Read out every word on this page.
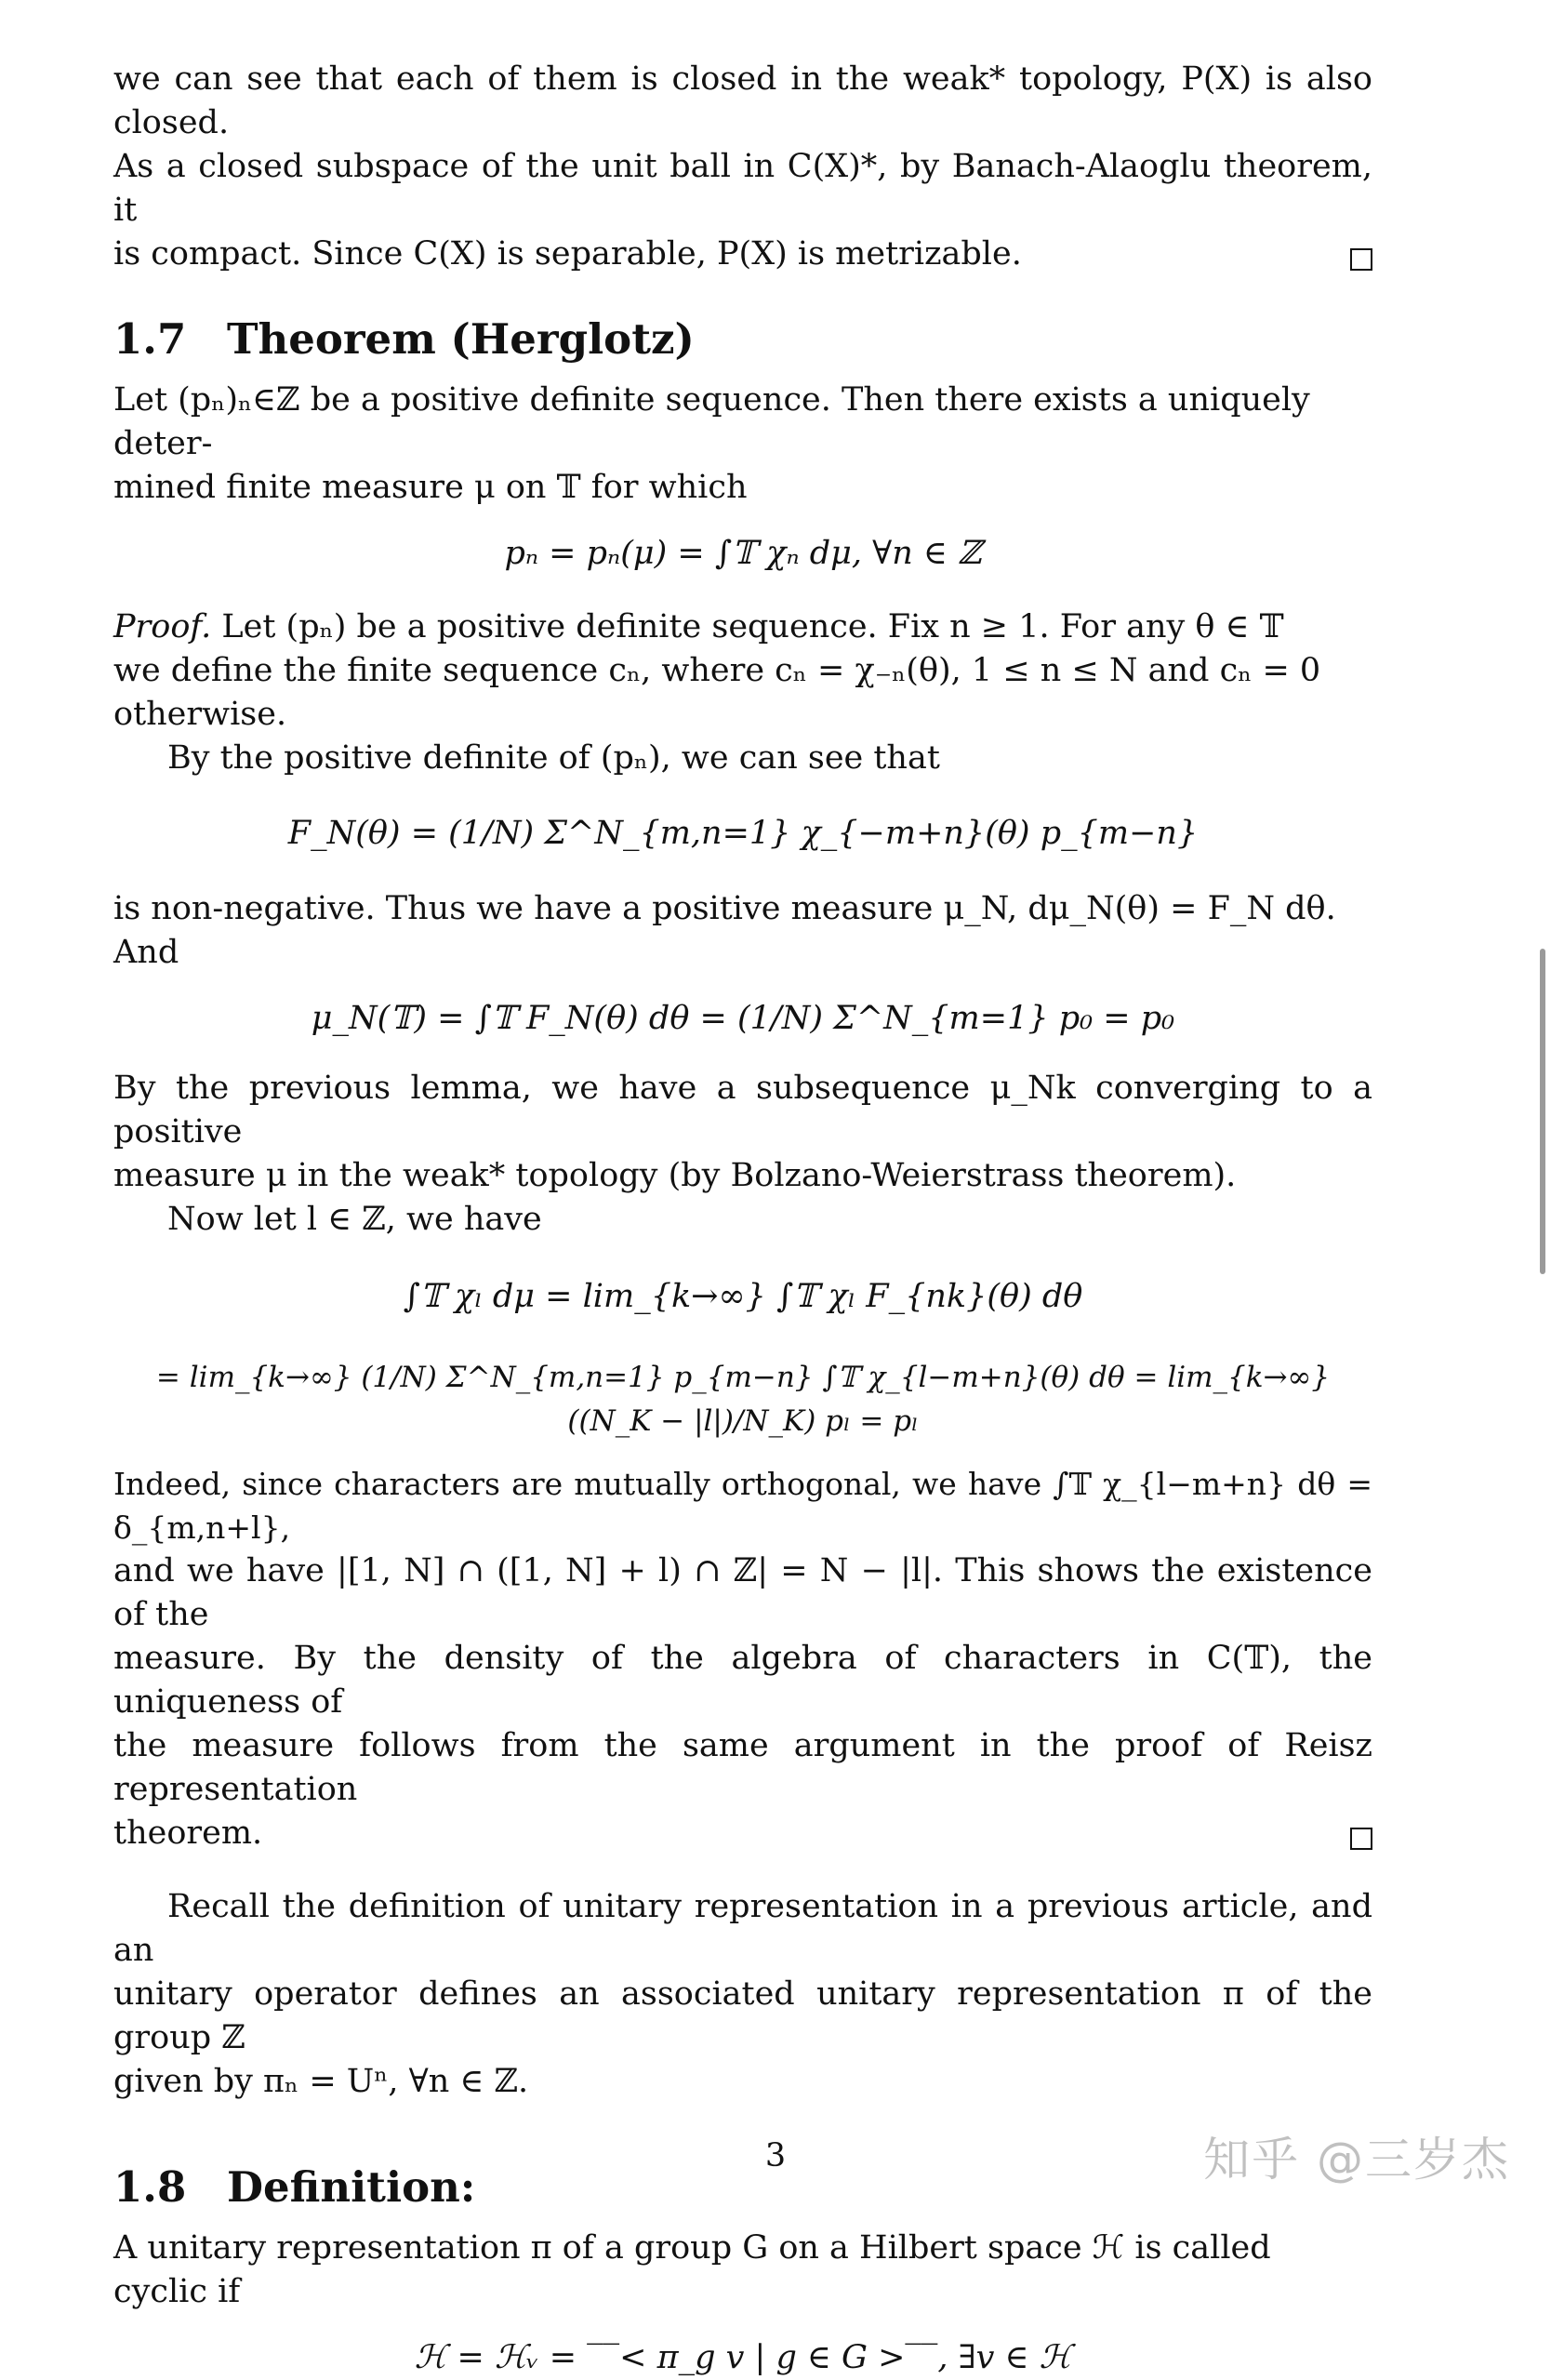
we can see that each of them is closed in the weak* topology, P(X) is also closed.

As a closed subspace of the unit ball in C(X)*, by Banach-Alaoglu theorem, it

is compact. Since C(X) is separable, P(X) is metrizable.

1.7 Theorem (Herglotz)

Let (pₙ)ₙ∈ℤ be a positive definite sequence. Then there exists a uniquely deter-

mined finite measure μ on 𝕋 for which

pₙ = pₙ(μ) = ∫𝕋 χₙ dμ, ∀n ∈ ℤ

Proof. Let (pₙ) be a positive definite sequence. Fix n ≥ 1. For any θ ∈ 𝕋

we define the finite sequence cₙ, where cₙ = χ₋ₙ(θ), 1 ≤ n ≤ N and cₙ = 0

otherwise.

By the positive definite of (pₙ), we can see that

F_N(θ) = (1/N) Σ^N_{m,n=1} χ_{−m+n}(θ) p_{m−n}

is non-negative. Thus we have a positive measure μ_N, dμ_N(θ) = F_N dθ. And

μ_N(𝕋) = ∫𝕋 F_N(θ) dθ = (1/N) Σ^N_{m=1} p₀ = p₀

By the previous lemma, we have a subsequence μ_Nk converging to a positive

measure μ in the weak* topology (by Bolzano-Weierstrass theorem).

Now let l ∈ ℤ, we have

∫𝕋 χₗ dμ = lim_{k→∞} ∫𝕋 χₗ F_{nk}(θ) dθ

= lim_{k→∞} (1/N) Σ^N_{m,n=1} p_{m−n} ∫𝕋 χ_{l−m+n}(θ) dθ = lim_{k→∞} ((N_K − |l|)/N_K) pₗ = pₗ

Indeed, since characters are mutually orthogonal, we have ∫𝕋 χ_{l−m+n} dθ = δ_{m,n+l},

and we have |[1, N] ∩ ([1, N] + l) ∩ ℤ| = N − |l|. This shows the existence of the

measure. By the density of the algebra of characters in C(𝕋), the uniqueness of

the measure follows from the same argument in the proof of Reisz representation

theorem.

Recall the definition of unitary representation in a previous article, and an

unitary operator defines an associated unitary representation π of the group ℤ

given by πₙ = Uⁿ, ∀n ∈ ℤ.

1.8 Definition:

A unitary representation π of a group G on a Hilbert space ℋ is called cyclic if

ℋ = ℋᵥ = ‾‾< π_g v | g ∈ G >‾‾, ∃v ∈ ℋ

3	知乎 @三岁杰
